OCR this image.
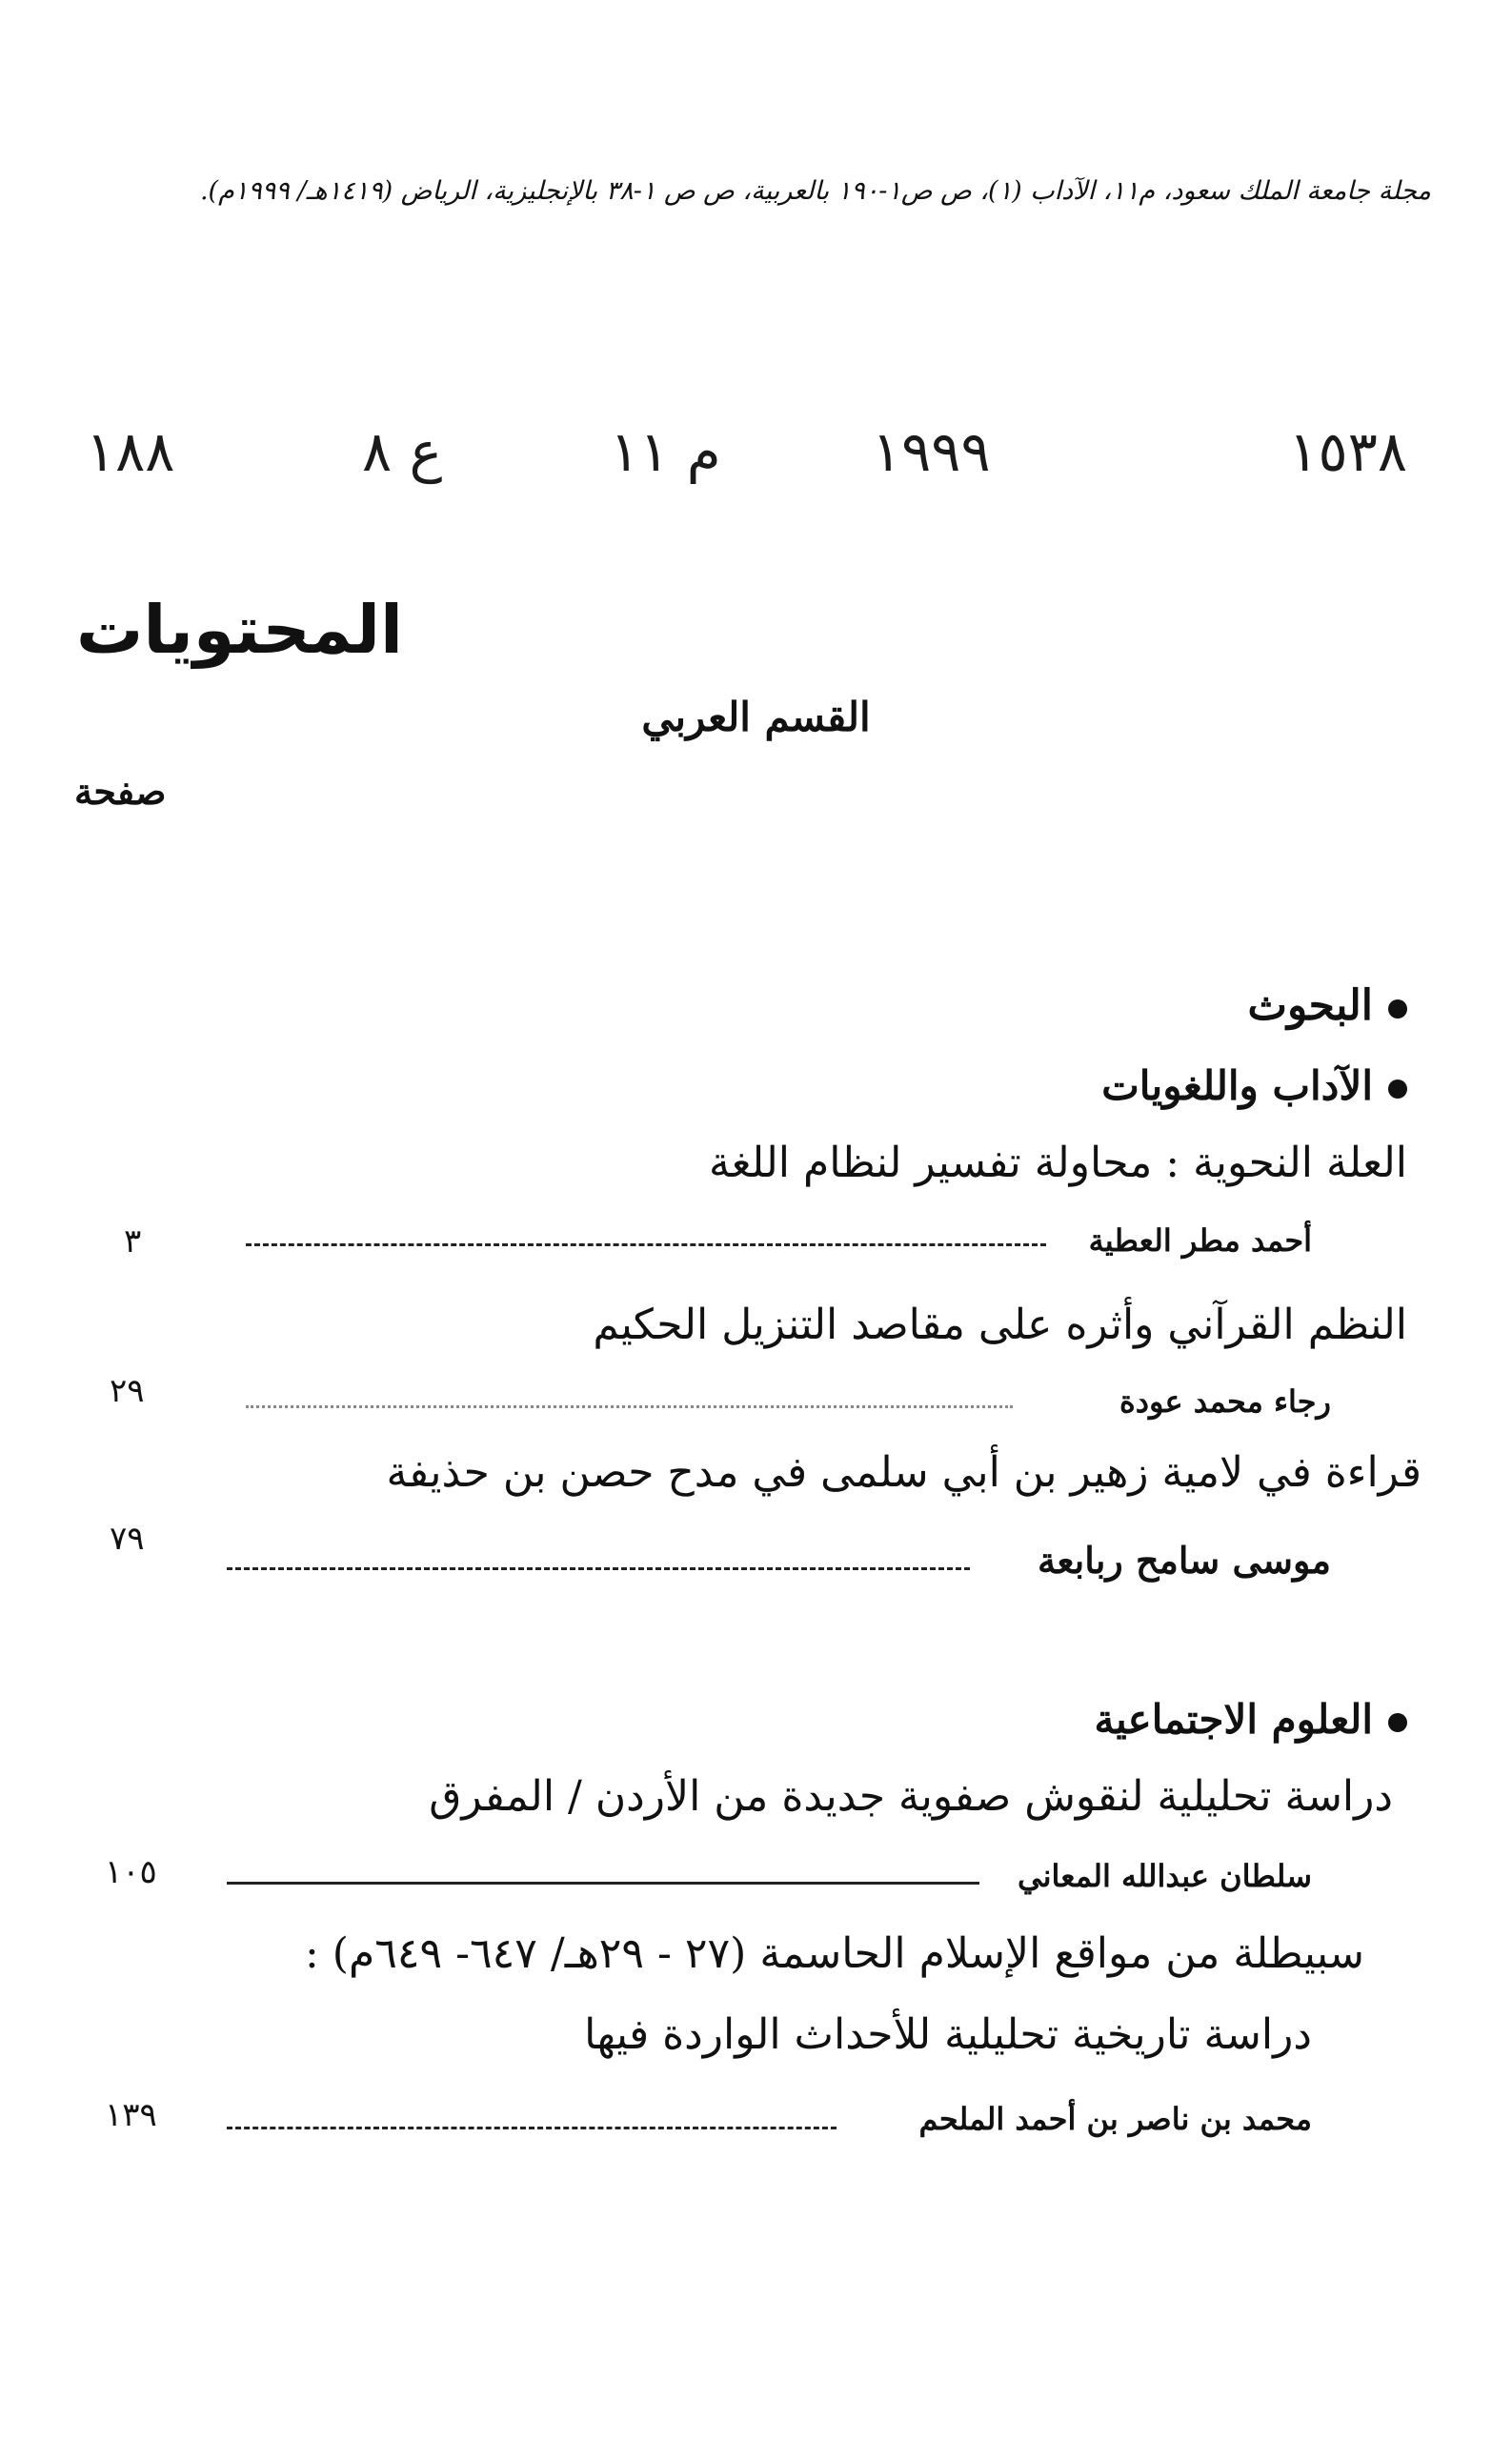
مجلة جامعة الملك سعود، م١١، الآداب (١)، ص ص١-١٩٠ بالعربية، ص ص ١-٣٨ بالإنجليزية، الرياض (١٤١٩هـ/ ١٩٩٩م).
١٥٣٨
١٩٩٩
م ١١
ع ٨
١٨٨
المحتويات
القسم العربي
صفحة
البحوث
الآداب واللغويات
العلة النحوية : محاولة تفسير لنظام اللغة
أحمد مطر العطية
٣
النظم القرآني وأثره على مقاصد التنزيل الحكيم
رجاء محمد عودة
٢٩
قراءة في لامية زهير بن أبي سلمى في مدح حصن بن حذيفة
موسى سامح ربابعة
٧٩
العلوم الاجتماعية
دراسة تحليلية لنقوش صفوية جديدة من الأردن / المفرق
سلطان عبدالله المعاني
١٠٥
سبيطلة من مواقع الإسلام الحاسمة (٢٧ - ٢٩هـ/ ٦٤٧- ٦٤٩م) :
دراسة تاريخية تحليلية للأحداث الواردة فيها
محمد بن ناصر بن أحمد الملحم
١٣٩
